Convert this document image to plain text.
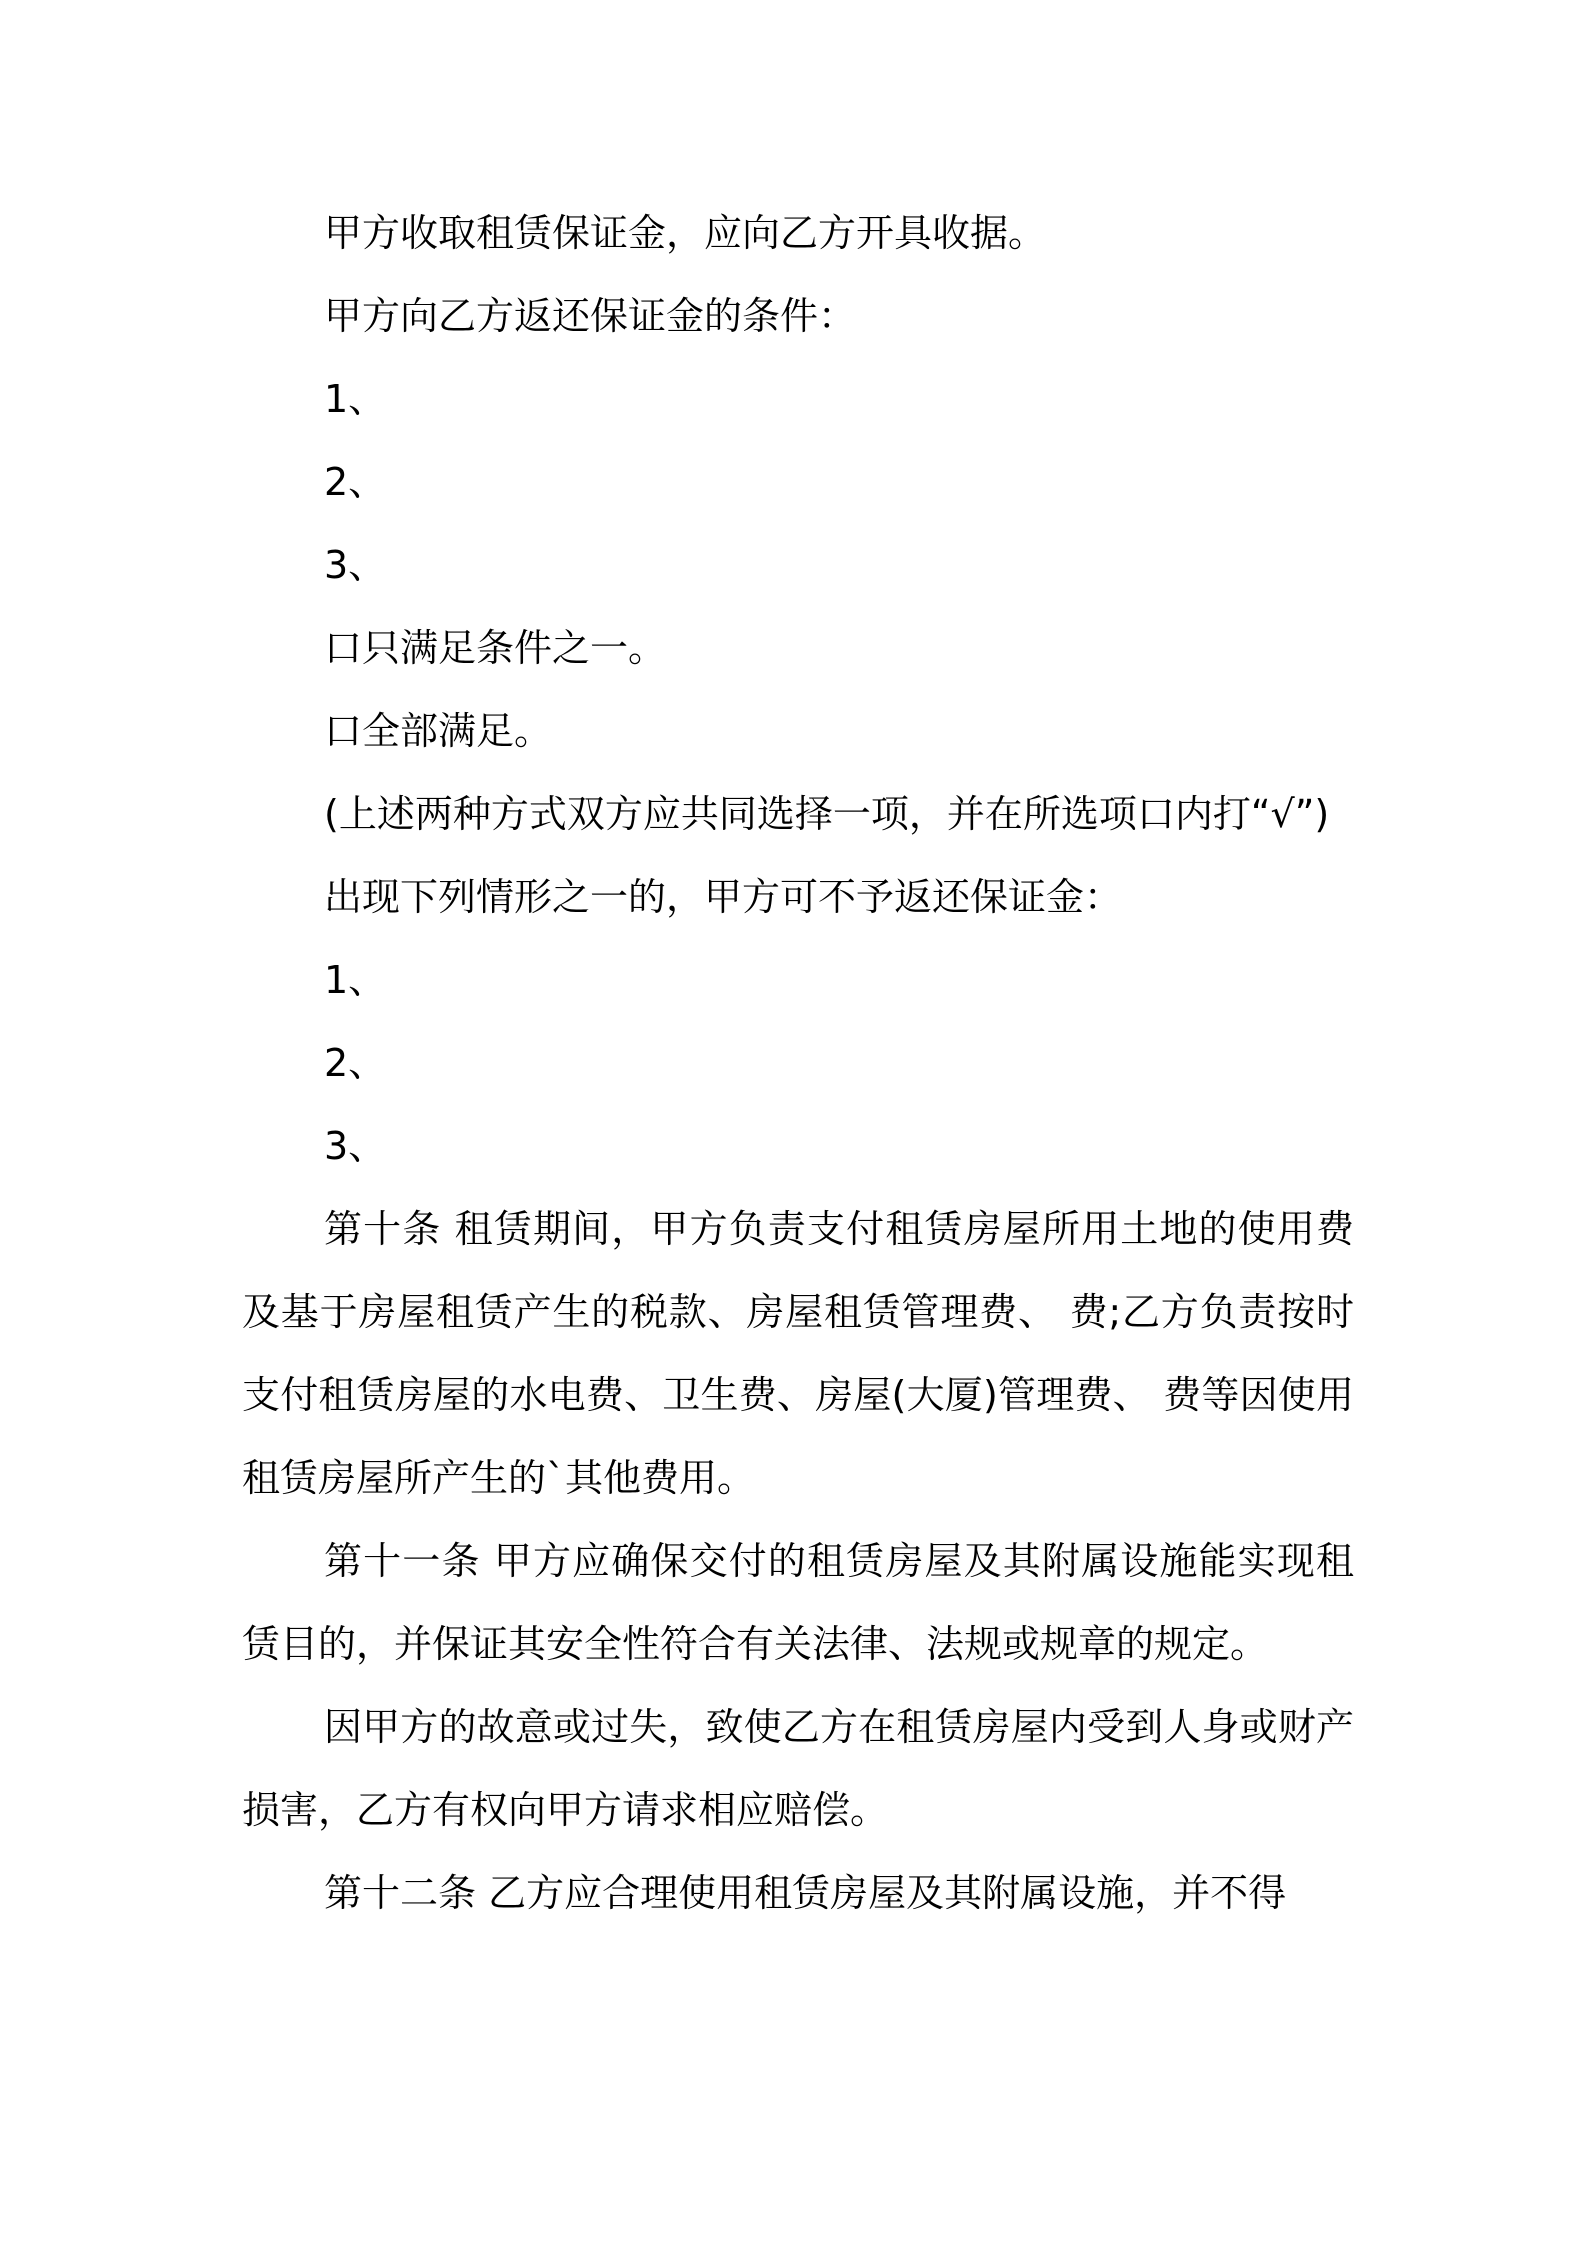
甲方收取租赁保证金，应向乙方开具收据。

甲方向乙方返还保证金的条件：

1、

2、

3、

口只满足条件之一。

口全部满足。

(上述两种方式双方应共同选择一项，并在所选项口内打“√”)

出现下列情形之一的，甲方可不予返还保证金：

1、

2、

3、

第十条 租赁期间，甲方负责支付租赁房屋所用土地的使用费及基于房屋租赁产生的税款、房屋租赁管理费、 费;乙方负责按时支付租赁房屋的水电费、卫生费、房屋(大厦)管理费、 费等因使用租赁房屋所产生的`其他费用。

第十一条 甲方应确保交付的租赁房屋及其附属设施能实现租赁目的，并保证其安全性符合有关法律、法规或规章的规定。

因甲方的故意或过失，致使乙方在租赁房屋内受到人身或财产损害，乙方有权向甲方请求相应赔偿。

第十二条 乙方应合理使用租赁房屋及其附属设施，并不得
